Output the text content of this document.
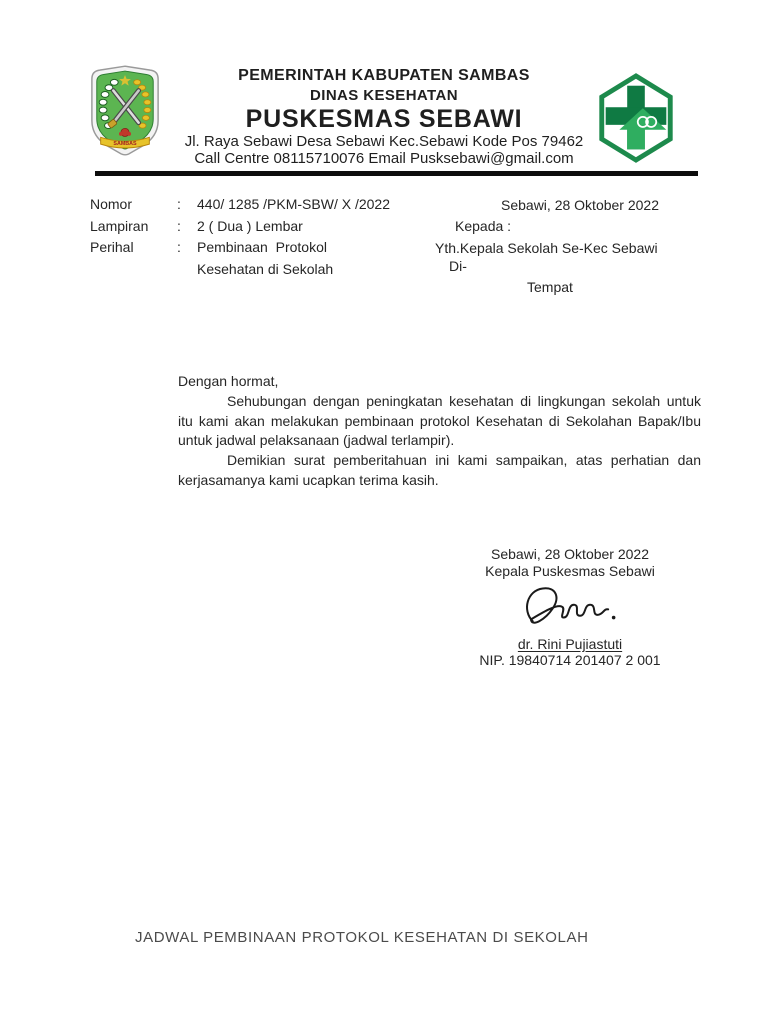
SAMBAS
PEMERINTAH KABUPATEN SAMBAS
DINAS KESEHATAN
PUSKESMAS SEBAWI
Jl. Raya Sebawi Desa Sebawi Kec.Sebawi Kode Pos 79462
Call Centre 08115710076 Email Pusksebawi@gmail.com
Nomor	:	440/ 1285 /PKM-SBW/ X /2022
Lampiran	:	2 ( Dua ) Lembar
Perihal	:	Pembinaan  Protokol
Kesehatan di Sekolah
Sebawi, 28 Oktober 2022
Kepada :
Yth.Kepala Sekolah Se-Kec Sebawi
Di-
Tempat

Dengan hormat,

Sehubungan dengan peningkatan kesehatan di lingkungan sekolah untuk itu kami akan melakukan pembinaan protokol Kesehatan di Sekolahan Bapak/Ibu untuk jadwal pelaksanaan (jadwal terlampir).

Demikian surat pemberitahuan ini kami sampaikan, atas perhatian dan kerjasamanya kami ucapkan terima kasih.

Sebawi, 28 Oktober 2022
Kepala Puskesmas Sebawi
dr. Rini Pujiastuti
NIP. 19840714 201407 2 001
JADWAL PEMBINAAN PROTOKOL KESEHATAN DI SEKOLAH
